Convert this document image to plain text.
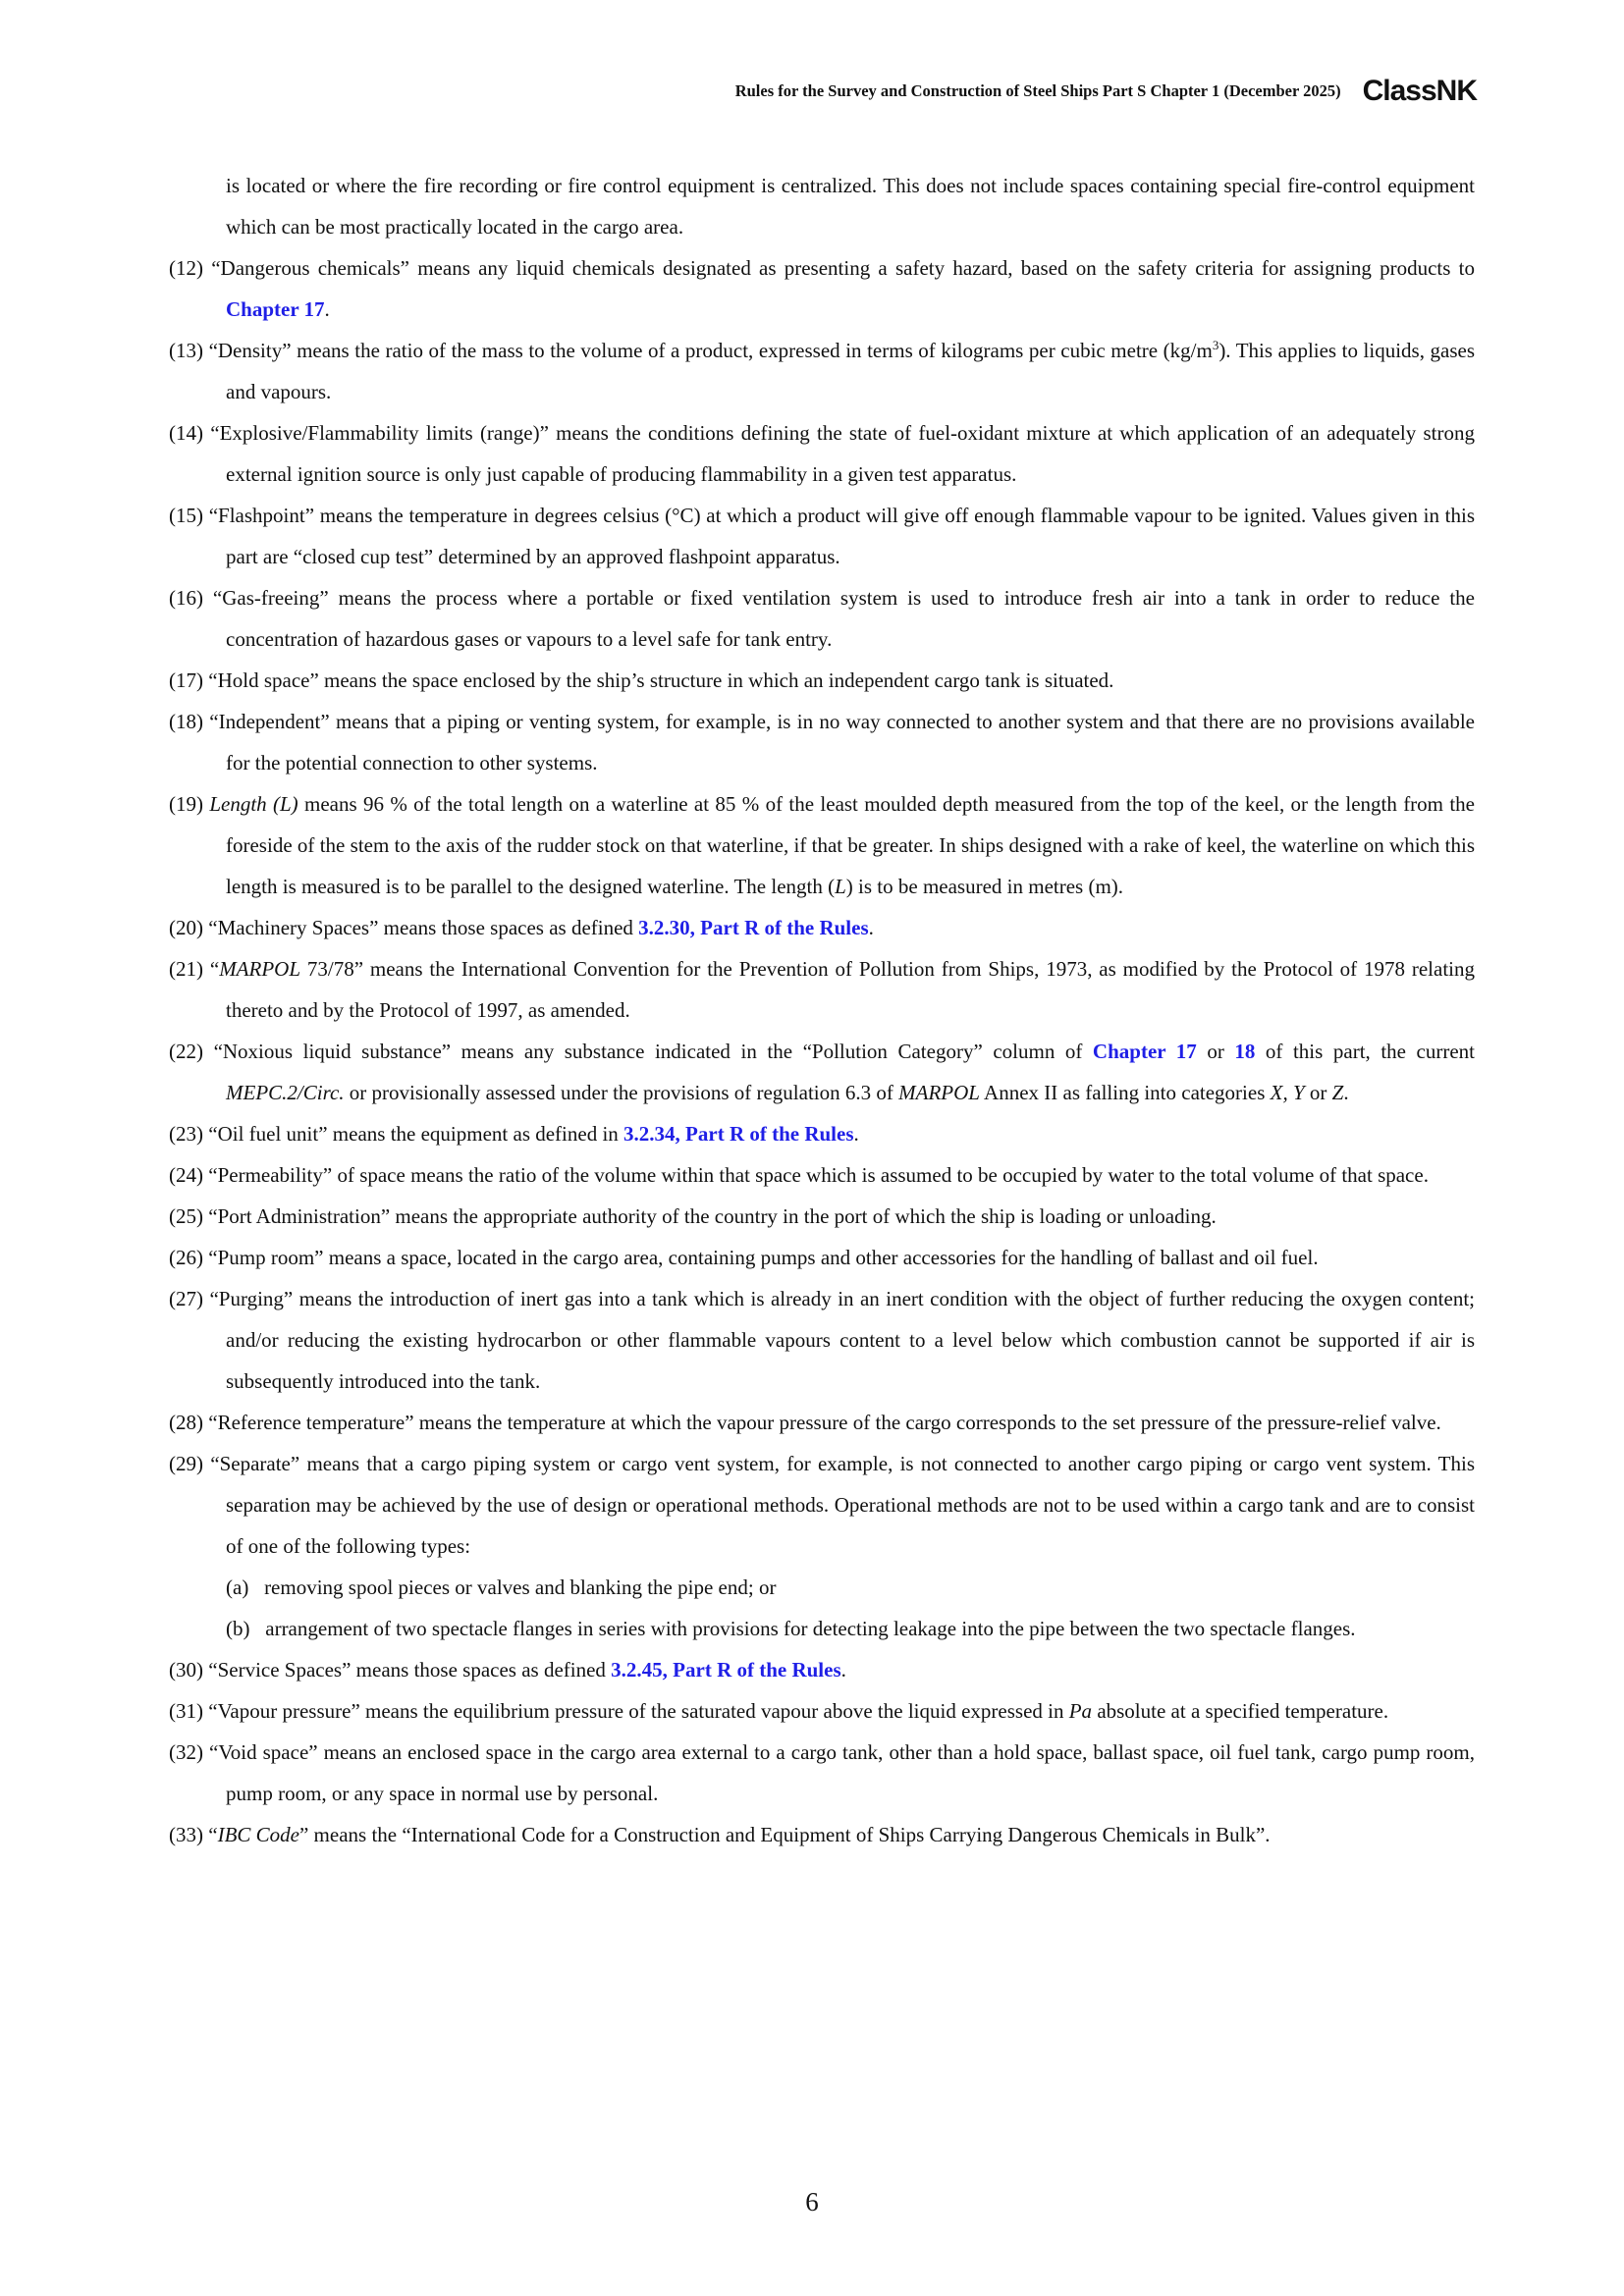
Rules for the Survey and Construction of Steel Ships Part S Chapter 1 (December 2025) ClassNK

is located or where the fire recording or fire control equipment is centralized. This does not include spaces containing special fire-control equipment which can be most practically located in the cargo area.

(12) “Dangerous chemicals” means any liquid chemicals designated as presenting a safety hazard, based on the safety criteria for assigning products to Chapter 17.

(13) “Density” means the ratio of the mass to the volume of a product, expressed in terms of kilograms per cubic metre $(kg/m^3)$. This applies to liquids, gases and vapours.

(14) “Explosive/Flammability limits (range)” means the conditions defining the state of fuel-oxidant mixture at which application of an adequately strong external ignition source is only just capable of producing flammability in a given test apparatus.

(15) “Flashpoint” means the temperature in degrees celsius (°C) at which a product will give off enough flammable vapour to be ignited. Values given in this part are “closed cup test” determined by an approved flashpoint apparatus.

(16) “Gas-freeing” means the process where a portable or fixed ventilation system is used to introduce fresh air into a tank in order to reduce the concentration of hazardous gases or vapours to a level safe for tank entry.

(17) “Hold space” means the space enclosed by the ship’s structure in which an independent cargo tank is situated.

(18) “Independent” means that a piping or venting system, for example, is in no way connected to another system and that there are no provisions available for the potential connection to other systems.

(19) Length (L) means 96 % of the total length on a waterline at 85 % of the least moulded depth measured from the top of the keel, or the length from the foreside of the stem to the axis of the rudder stock on that waterline, if that be greater. In ships designed with a rake of keel, the waterline on which this length is measured is to be parallel to the designed waterline. The length (L) is to be measured in metres (m).

(20) “Machinery Spaces” means those spaces as defined 3.2.30, Part R of the Rules.

(21) “MARPOL 73/78” means the International Convention for the Prevention of Pollution from Ships, 1973, as modified by the Protocol of 1978 relating thereto and by the Protocol of 1997, as amended.

(22) “Noxious liquid substance” means any substance indicated in the “Pollution Category” column of Chapter 17 or 18 of this part, the current MEPC.2/Circ. or provisionally assessed under the provisions of regulation 6.3 of MARPOL Annex II as falling into categories X, Y or Z.

(23) “Oil fuel unit” means the equipment as defined in 3.2.34, Part R of the Rules.

(24) “Permeability” of space means the ratio of the volume within that space which is assumed to be occupied by water to the total volume of that space.

(25) “Port Administration” means the appropriate authority of the country in the port of which the ship is loading or unloading.

(26) “Pump room” means a space, located in the cargo area, containing pumps and other accessories for the handling of ballast and oil fuel.

(27) “Purging” means the introduction of inert gas into a tank which is already in an inert condition with the object of further reducing the oxygen content; and/or reducing the existing hydrocarbon or other flammable vapours content to a level below which combustion cannot be supported if air is subsequently introduced into the tank.

(28) “Reference temperature” means the temperature at which the vapour pressure of the cargo corresponds to the set pressure of the pressure-relief valve.

(29) “Separate” means that a cargo piping system or cargo vent system, for example, is not connected to another cargo piping or cargo vent system. This separation may be achieved by the use of design or operational methods. Operational methods are not to be used within a cargo tank and are to consist of one of the following types:

(a) removing spool pieces or valves and blanking the pipe end; or

(b) arrangement of two spectacle flanges in series with provisions for detecting leakage into the pipe between the two spectacle flanges.

(30) “Service Spaces” means those spaces as defined 3.2.45, Part R of the Rules.

(31) “Vapour pressure” means the equilibrium pressure of the saturated vapour above the liquid expressed in Pa absolute at a specified temperature.

(32) “Void space” means an enclosed space in the cargo area external to a cargo tank, other than a hold space, ballast space, oil fuel tank, cargo pump room, pump room, or any space in normal use by personal.

(33) “IBC Code” means the “International Code for a Construction and Equipment of Ships Carrying Dangerous Chemicals in Bulk”.

6
